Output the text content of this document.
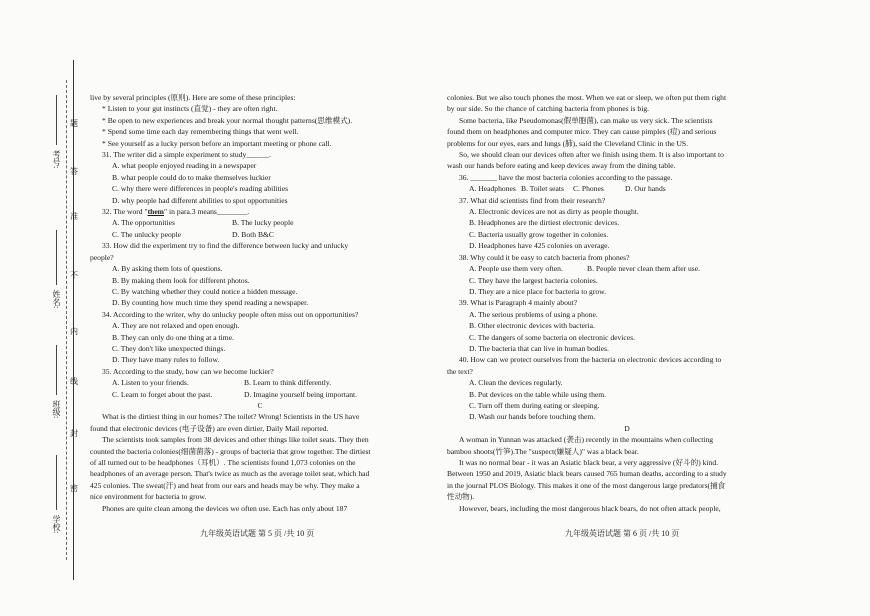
考号:
姓名:
班级:
学校:
题
答
准
不
内
线
封
密

live by several principles (原则). Here are some of these principles:

* Listen to your gut instincts (直觉) - they are often right.

* Be open to new experiences and break your normal thought patterns(思维模式).

* Spend some time each day remembering things that went well.

* See yourself as a lucky person before an important meeting or phone call.

31. The writer did a simple experiment to study______.

A. what people enjoyed reading in a newspaper

B. what people could do to make themselves luckier

C. why there were differences in people's reading abilities

D. why people had different abilities to spot opportunities

32. The word "them" in para.3 means________.

A. The opportunities	B. The lucky people

C. The unlucky people	D. Both B&C

33. How did the experiment try to find the difference between lucky and unlucky

people?

A. By asking them lots of questions.

B. By making them look for different photos.

C. By watching whether they could notice a hidden message.

D. By counting how much time they spend reading a newspaper.

34. According to the writer, why do unlucky people often miss out on opportunities?

A. They are not relaxed and open enough.

B. They can only do one thing at a time.

C. They don't like unexpected things.

D. They have many rules to follow.

35. According to the study, how can we become luckier?

A. Listen to your friends.	B. Learn to think differently.

C. Learn to forget about the past.	D. Imagine yourself being important.

C

What is the dirtiest thing in our homes? The toilet? Wrong! Scientists in the US have

found that electronic devices (电子设备) are even dirtier, Daily Mail reported.

The scientists took samples from 38 devices and other things like toilet seats. They then

counted the bacteria colonies(细菌菌落) - groups of bacteria that grow together. The dirtiest

of all turned out to be headphones（耳机）. The scientists found 1,073 colonies on the

headphones of an average person. That's twice as much as the average toilet seat, which had

425 colonies. The sweat(汗) and heat from our ears and heads may be why. They make a

nice environment for bacteria to grow.

Phones are quite clean among the devices we often use. Each has only about 187

九年级英语试题 第 5 页 /共 10 页

colonies. But we also touch phones the most. When we eat or sleep, we often put them right

by our side. So the chance of catching bacteria from phones is big.

Some bacteria, like Pseudomonas(假单胞菌), can make us very sick. The scientists

found them on headphones and computer mice. They can cause pimples (痘) and serious

problems for our eyes, ears and lungs (肺), said the Cleveland Clinic in the US.

So, we should clean our devices often after we finish using them. It is also important to

wash our hands before eating and keep devices away from the dining table.

36. _______ have the most bacteria colonies according to the passage.

A. Headphones B. Toilet seats C. Phones	D. Our hands

37. What did scientists find from their research?

A. Electronic devices are not as dirty as people thought.

B. Headphones are the dirtiest electronic devices.

C. Bacteria usually grow together in colonies.

D. Headphones have 425 colonies on average.

38. Why could it be easy to catch bacteria from phones?

A. People use them very often.	B. People never clean them after use.

C. They have the largest bacteria colonies.

D. They are a nice place for bacteria to grow.

39. What is Paragraph 4 mainly about?

A. The serious problems of using a phone.

B. Other electronic devices with bacteria.

C. The dangers of some bacteria on electronic devices.

D. The bacteria that can live in human bodies.

40. How can we protect ourselves from the bacteria on electronic devices according to

the text?

A. Clean the devices regularly.

B. Put devices on the table while using them.

C. Turn off them during eating or sleeping.

D. Wash our hands before touching them.

D

A woman in Yunnan was attacked (袭击) recently in the mountains when collecting

bamboo shoots(竹笋).The "suspect(嫌疑人)" was a black bear.

It was no normal bear - it was an Asiatic black bear, a very aggressive (好斗的) kind.

Between 1950 and 2019, Asiatic black bears caused 765 human deaths, according to a study

in the journal PLOS Biology. This makes it one of the most dangerous large predators(捕食

性动物).

However, bears, including the most dangerous black bears, do not often attack people,

九年级英语试题 第 6 页 /共 10 页
